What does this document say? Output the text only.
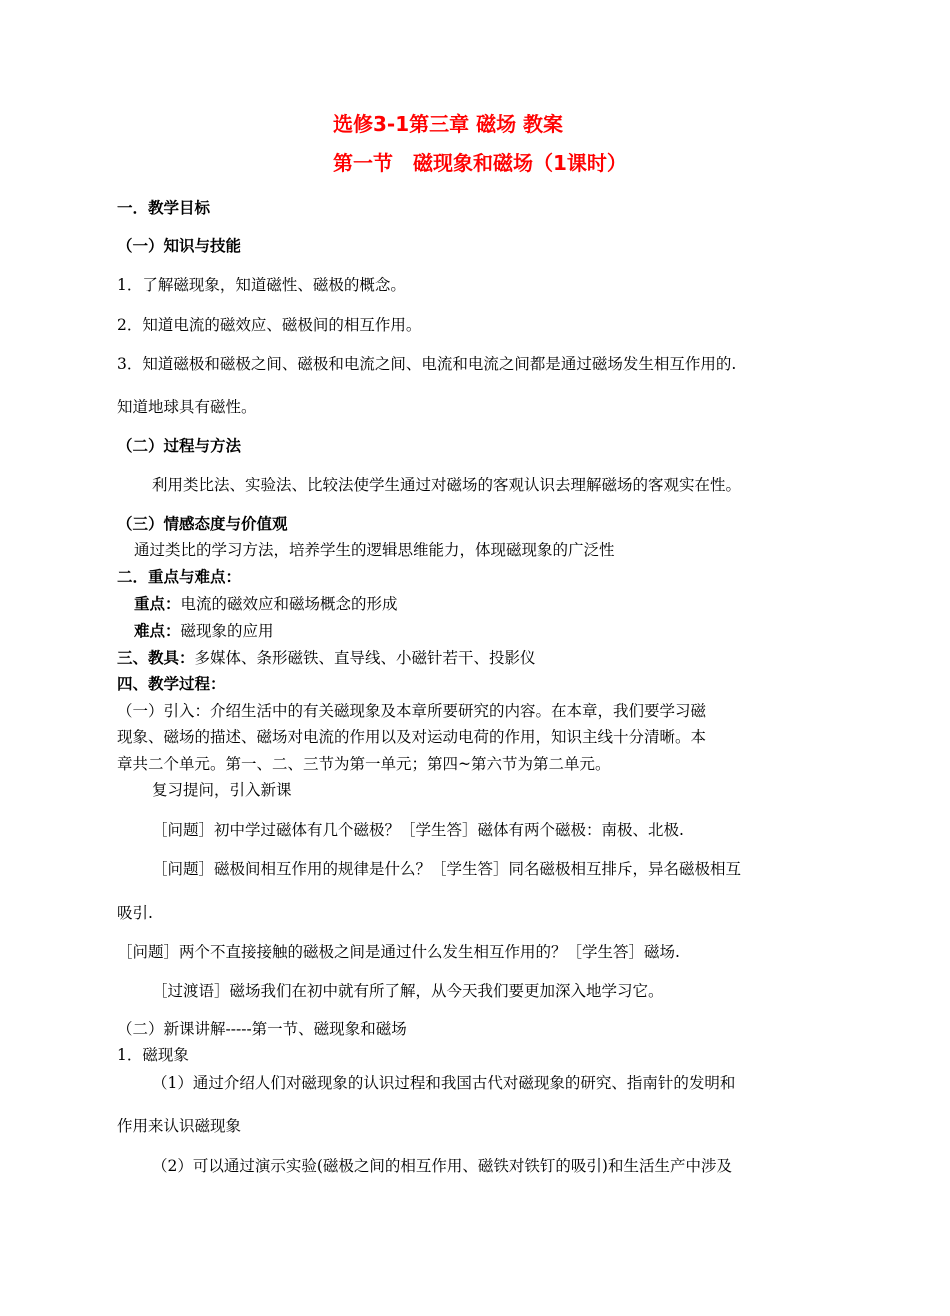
选修3-1第三章 磁场 教案
第一节　磁现象和磁场（1课时）
一．教学目标
（一）知识与技能
1．了解磁现象，知道磁性、磁极的概念。
2．知道电流的磁效应、磁极间的相互作用。
3．知道磁极和磁极之间、磁极和电流之间、电流和电流之间都是通过磁场发生相互作用的.
知道地球具有磁性。
（二）过程与方法
利用类比法、实验法、比较法使学生通过对磁场的客观认识去理解磁场的客观实在性。
（三）情感态度与价值观
通过类比的学习方法，培养学生的逻辑思维能力，体现磁现象的广泛性
二．重点与难点：
重点：电流的磁效应和磁场概念的形成
难点：磁现象的应用
三、教具：多媒体、条形磁铁、直导线、小磁针若干、投影仪
四、教学过程：
（一）引入：介绍生活中的有关磁现象及本章所要研究的内容。在本章，我们要学习磁
现象、磁场的描述、磁场对电流的作用以及对运动电荷的作用，知识主线十分清晰。本
章共二个单元。第一、二、三节为第一单元；第四~第六节为第二单元。
复习提问，引入新课
［问题］初中学过磁体有几个磁极？［学生答］磁体有两个磁极：南极、北极.
［问题］磁极间相互作用的规律是什么？［学生答］同名磁极相互排斥，异名磁极相互
吸引.
［问题］两个不直接接触的磁极之间是通过什么发生相互作用的？［学生答］磁场.
［过渡语］磁场我们在初中就有所了解，从今天我们要更加深入地学习它。
（二）新课讲解-----第一节、磁现象和磁场
1．磁现象
（1）通过介绍人们对磁现象的认识过程和我国古代对磁现象的研究、指南针的发明和
作用来认识磁现象
（2）可以通过演示实验(磁极之间的相互作用、磁铁对铁钉的吸引)和生活生产中涉及
